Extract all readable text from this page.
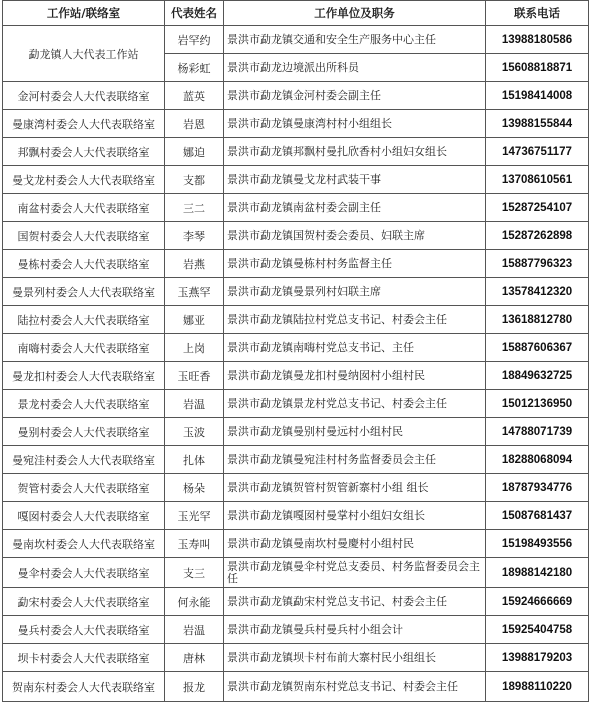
工作站/联络室	代表姓名	工作单位及职务	联系电话
勐龙镇人大代表工作站	岩罕约	景洪市勐龙镇交通和安全生产服务中心主任	13988180586
	杨彩虹	景洪市勐龙边境派出所科员	15608818871
金河村委会人大代表联络室	蓝英	景洪市勐龙镇金河村委会副主任	15198414008
曼康湾村委会人大代表联络室	岩恩	景洪市勐龙镇曼康湾村村小组组长	13988155844
邦飘村委会人大代表联络室	娜迫	景洪市勐龙镇邦飘村曼扎欣香村小组妇女组长	14736751177
曼戈龙村委会人大代表联络室	支都	景洪市勐龙镇曼戈龙村武装干事	13708610561
南盆村委会人大代表联络室	三二	景洪市勐龙镇南盆村委会副主任	15287254107
国贺村委会人大代表联络室	李琴	景洪市勐龙镇国贺村委会委员、妇联主席	15287262898
曼栋村委会人大代表联络室	岩燕	景洪市勐龙镇曼栋村村务监督主任	15887796323
曼景列村委会人大代表联络室	玉燕罕	景洪市勐龙镇曼景列村妇联主席	13578412320
陆拉村委会人大代表联络室	娜亚	景洪市勐龙镇陆拉村党总支书记、村委会主任	13618812780
南嗨村委会人大代表联络室	上岗	景洪市勐龙镇南嗨村党总支书记、主任	15887606367
曼龙扣村委会人大代表联络室	玉旺香	景洪市勐龙镇曼龙扣村曼纳囡村小组村民	18849632725
景龙村委会人大代表联络室	岩温	景洪市勐龙镇景龙村党总支书记、村委会主任	15012136950
曼别村委会人大代表联络室	玉波	景洪市勐龙镇曼别村曼远村小组村民	14788071739
曼宛洼村委会人大代表联络室	扎体	景洪市勐龙镇曼宛洼村村务监督委员会主任	18288068094
贺管村委会人大代表联络室	杨朵	景洪市勐龙镇贺管村贺管新寨村小组 组长	18787934776
嘎囡村委会人大代表联络室	玉光罕	景洪市勐龙镇嘎囡村曼掌村小组妇女组长	15087681437
曼南坎村委会人大代表联络室	玉寿叫	景洪市勐龙镇曼南坎村曼慶村小组村民	15198493556
曼伞村委会人大代表联络室	支三	景洪市勐龙镇曼伞村党总支委员、村务监督委员会主任	18988142180
勐宋村委会人大代表联络室	何永能	景洪市勐龙镇勐宋村党总支书记、村委会主任	15924666669
曼兵村委会人大代表联络室	岩温	景洪市勐龙镇曼兵村曼兵村小组会计	15925404758
坝卡村委会人大代表联络室	唐林	景洪市勐龙镇坝卡村布前大寨村民小组组长	13988179203
贺南东村委会人大代表联络室	报龙	景洪市勐龙镇贺南东村党总支书记、村委会主任	18988110220
